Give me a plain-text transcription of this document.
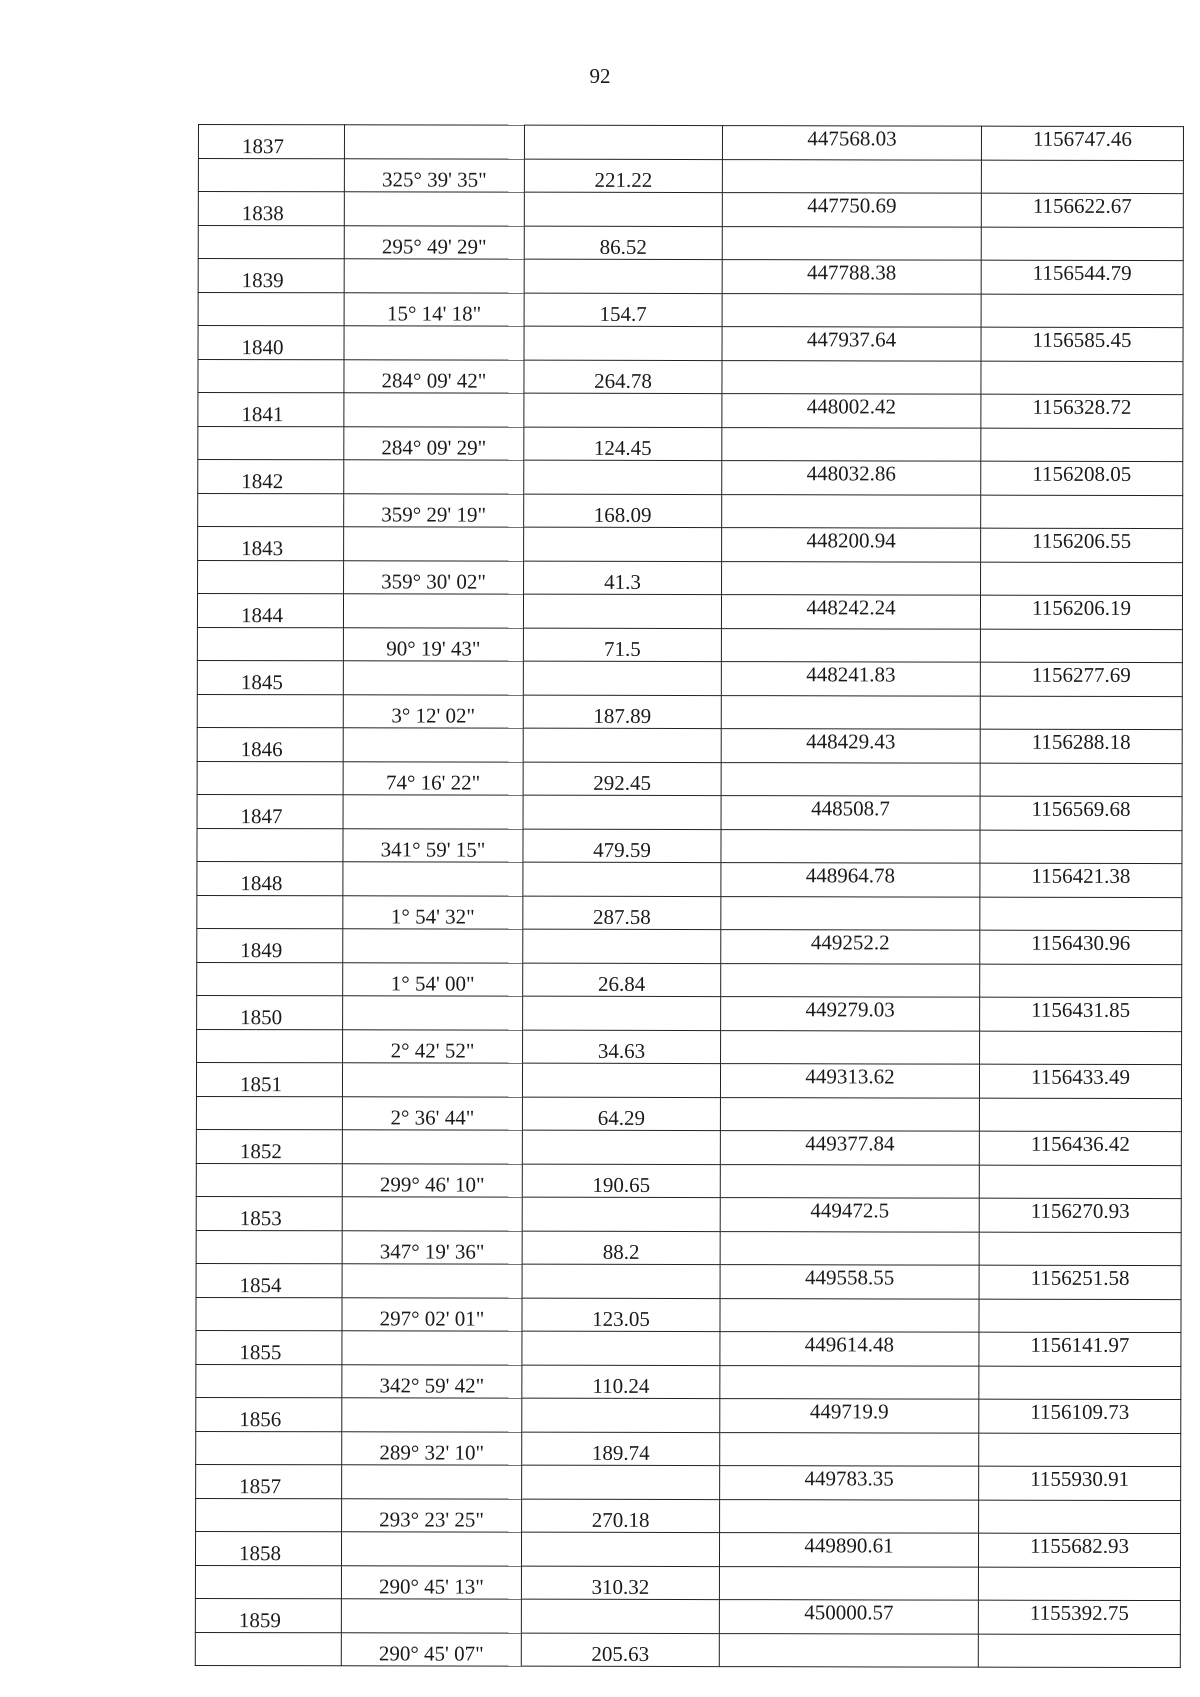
92
1837			447568.03	1156747.46
	325° 39' 35"	221.22		
1838			447750.69	1156622.67
	295° 49' 29"	86.52		
1839			447788.38	1156544.79
	15° 14' 18"	154.7		
1840			447937.64	1156585.45
	284° 09' 42"	264.78		
1841			448002.42	1156328.72
	284° 09' 29"	124.45		
1842			448032.86	1156208.05
	359° 29' 19"	168.09		
1843			448200.94	1156206.55
	359° 30' 02"	41.3		
1844			448242.24	1156206.19
	90° 19' 43"	71.5		
1845			448241.83	1156277.69
	3° 12' 02"	187.89		
1846			448429.43	1156288.18
	74° 16' 22"	292.45		
1847			448508.7	1156569.68
	341° 59' 15"	479.59		
1848			448964.78	1156421.38
	1° 54' 32"	287.58		
1849			449252.2	1156430.96
	1° 54' 00"	26.84		
1850			449279.03	1156431.85
	2° 42' 52"	34.63		
1851			449313.62	1156433.49
	2° 36' 44"	64.29		
1852			449377.84	1156436.42
	299° 46' 10"	190.65		
1853			449472.5	1156270.93
	347° 19' 36"	88.2		
1854			449558.55	1156251.58
	297° 02' 01"	123.05		
1855			449614.48	1156141.97
	342° 59' 42"	110.24		
1856			449719.9	1156109.73
	289° 32' 10"	189.74		
1857			449783.35	1155930.91
	293° 23' 25"	270.18		
1858			449890.61	1155682.93
	290° 45' 13"	310.32		
1859			450000.57	1155392.75
	290° 45' 07"	205.63		
